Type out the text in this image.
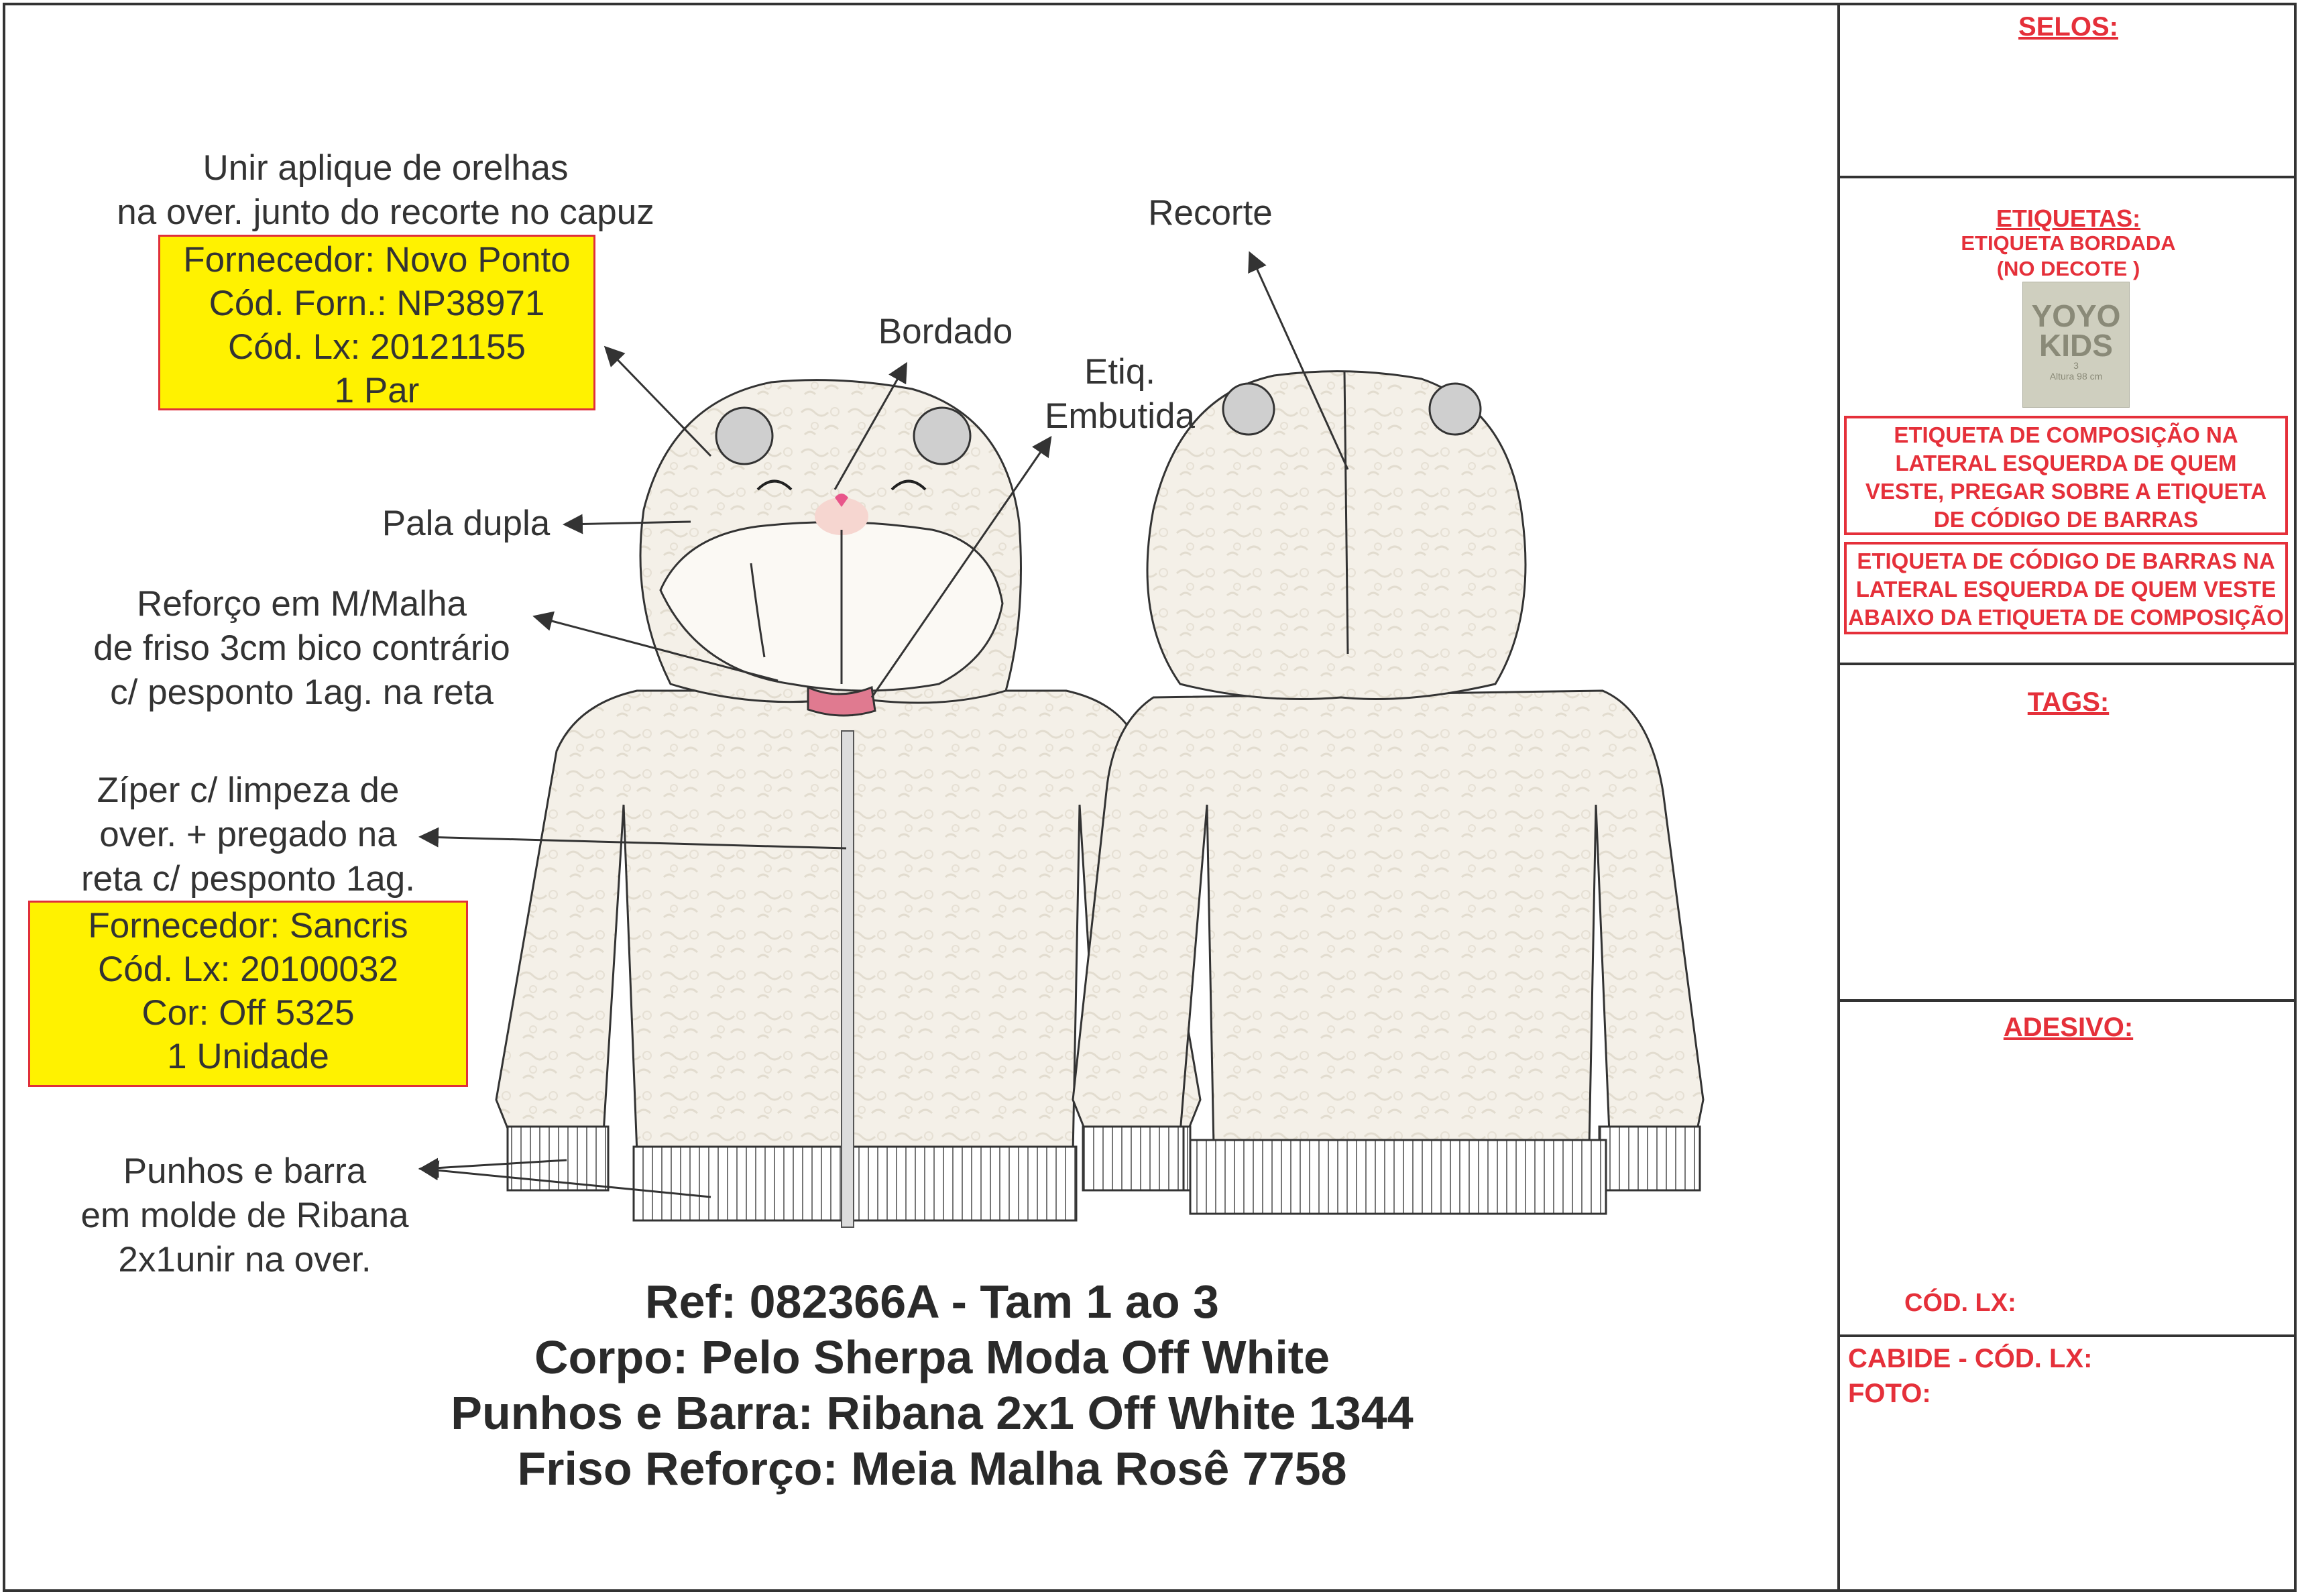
Unir aplique de orelhas
na over. junto do recorte no capuz
Fornecedor: Novo Ponto
Cód. Forn.: NP38971
Cód. Lx: 20121155
1 Par
Recorte
Bordado
Etiq.
Embutida
Pala dupla
Reforço em M/Malha
de friso 3cm bico contrário
c/ pesponto 1ag. na reta
Zíper c/ limpeza de
over. + pregado na
reta c/ pesponto 1ag.
Fornecedor: Sancris
Cód. Lx: 20100032
Cor: Off 5325
1 Unidade
Punhos e barra
em molde de Ribana
2x1unir na over.
Ref: 082366A - Tam 1 ao 3
Corpo: Pelo Sherpa Moda Off White
Punhos e Barra: Ribana 2x1 Off White 1344
Friso Reforço: Meia Malha Rosê 7758
SELOS:
ETIQUETAS:
ETIQUETA BORDADA
(NO DECOTE )
YOYO
KIDS
3
Altura 98 cm
ETIQUETA DE COMPOSIÇÃO NA
LATERAL ESQUERDA DE QUEM
VESTE, PREGAR SOBRE A ETIQUETA
DE CÓDIGO DE BARRAS
ETIQUETA DE CÓDIGO DE BARRAS NA
LATERAL ESQUERDA DE QUEM VESTE
ABAIXO DA ETIQUETA DE COMPOSIÇÃO
TAGS:
ADESIVO:
CÓD. LX:
CABIDE - CÓD. LX:
FOTO:
